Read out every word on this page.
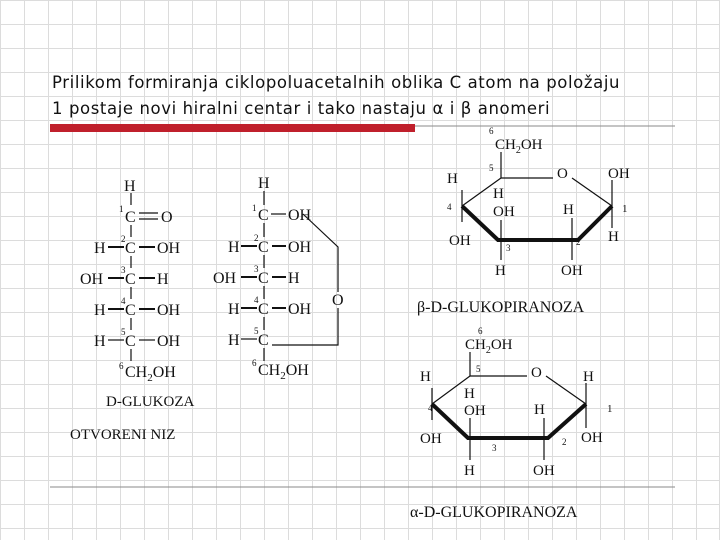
Prilikom formiranja ciklopoluacetalnih oblika C atom na položaju
1 postaje novi hiralni centar i tako nastaju α i β anomeri
H
1 C O
H
2
C OH
OH
3
C H
H
4
C OH
H
5
C OH
6 $CH_2OH$
D-GLUKOZA
OTVORENI NIZ
H
1 C OH
H
2
C OH
OH
3
C H
H
4
C OH
H
5
C
6 $CH_2OH$
O
6
$CH_2OH$
5	O
H
4
OH
H
OH
3
H
H
2
OH
OH
1
H
β-D-GLUKOPIRANOZA
6
$CH_2OH$
5	O
H
4
OH
H
OH
3
H
H
2
OH
H
1
OH
α-D-GLUKOPIRANOZA
